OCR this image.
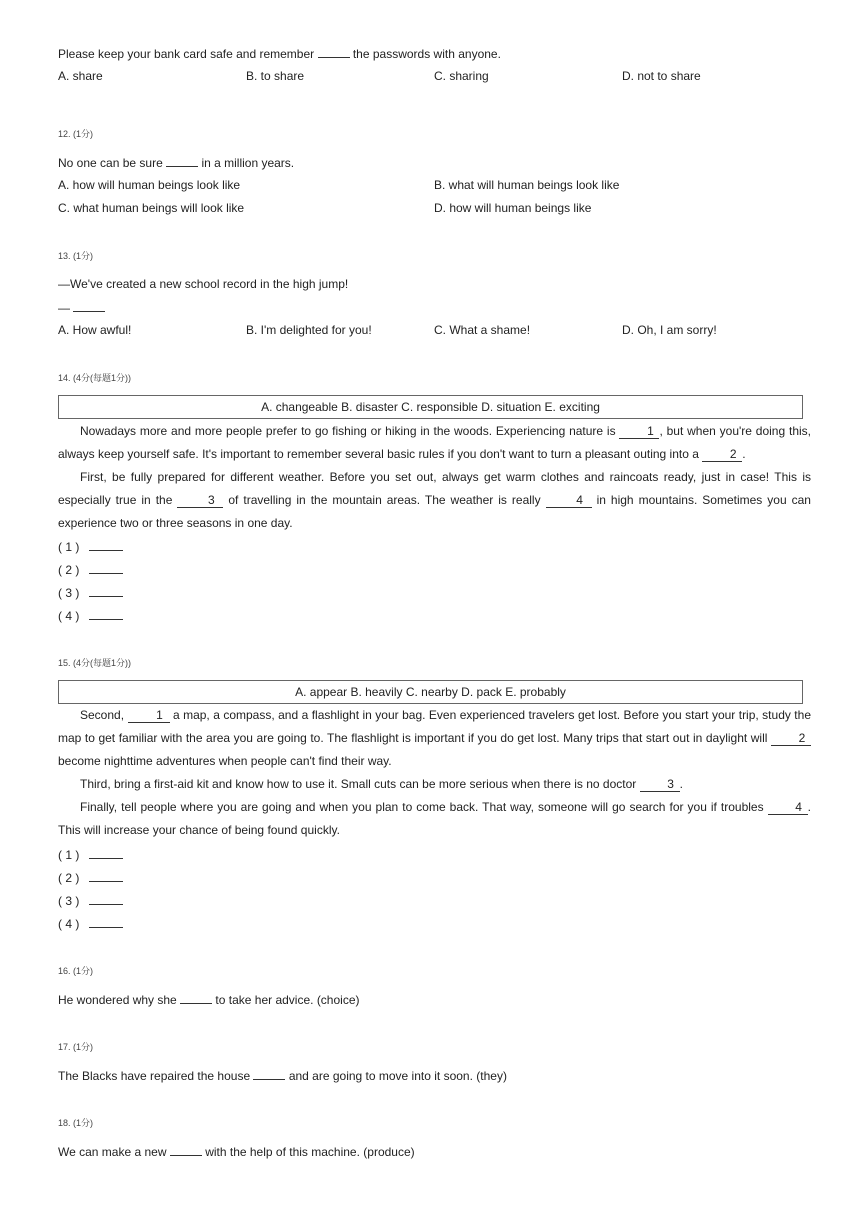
Please keep your bank card safe and remember	the passwords with anyone.
A. share	B. to share	C. sharing	D. not to share
12. (1分)
No one can be sure	in a million years.
A. how will human beings look like	B. what will human beings look like
C. what human beings will look like	D. how will human beings like
13. (1分)
—We've created a new school record in the high jump!
—
A. How awful!	B. I'm delighted for you!	C. What a shame!	D. Oh, I am sorry!
14. (4分(每题1分))
A. changeable B. disaster C. responsible D. situation E. exciting
Nowadays more and more people prefer to go fishing or hiking in the woods. Experiencing nature is	1 , but when you're doing this, always keep yourself safe. It's important to remember several basic rules if you don't want to turn a pleasant outing into a	2 .
First, be fully prepared for different weather. Before you set out, always get warm clothes and raincoats ready, just in case! This is especially true in the	3 of travelling in the mountain areas. The weather is really	4 in high mountains. Sometimes you can experience two or three seasons in one day.
( 1 )
( 2 )
( 3 )
( 4 )
15. (4分(每题1分))
A. appear B. heavily C. nearby D. pack E. probably
Second,	1 a map, a compass, and a flashlight in your bag. Even experienced travelers get lost. Before you start your trip, study the map to get familiar with the area you are going to. The flashlight is important if you do get lost. Many trips that start out in daylight will	2 become nighttime adventures when people can't find their way.
Third, bring a first-aid kit and know how to use it. Small cuts can be more serious when there is no doctor	3 .
Finally, tell people where you are going and when you plan to come back. That way, someone will go search for you if troubles	4 . This will increase your chance of being found quickly.
( 1 )
( 2 )
( 3 )
( 4 )
16. (1分)
He wondered why she	to take her advice. (choice)
17. (1分)
The Blacks have repaired the house	and are going to move into it soon. (they)
18. (1分)
We can make a new	with the help of this machine. (produce)
